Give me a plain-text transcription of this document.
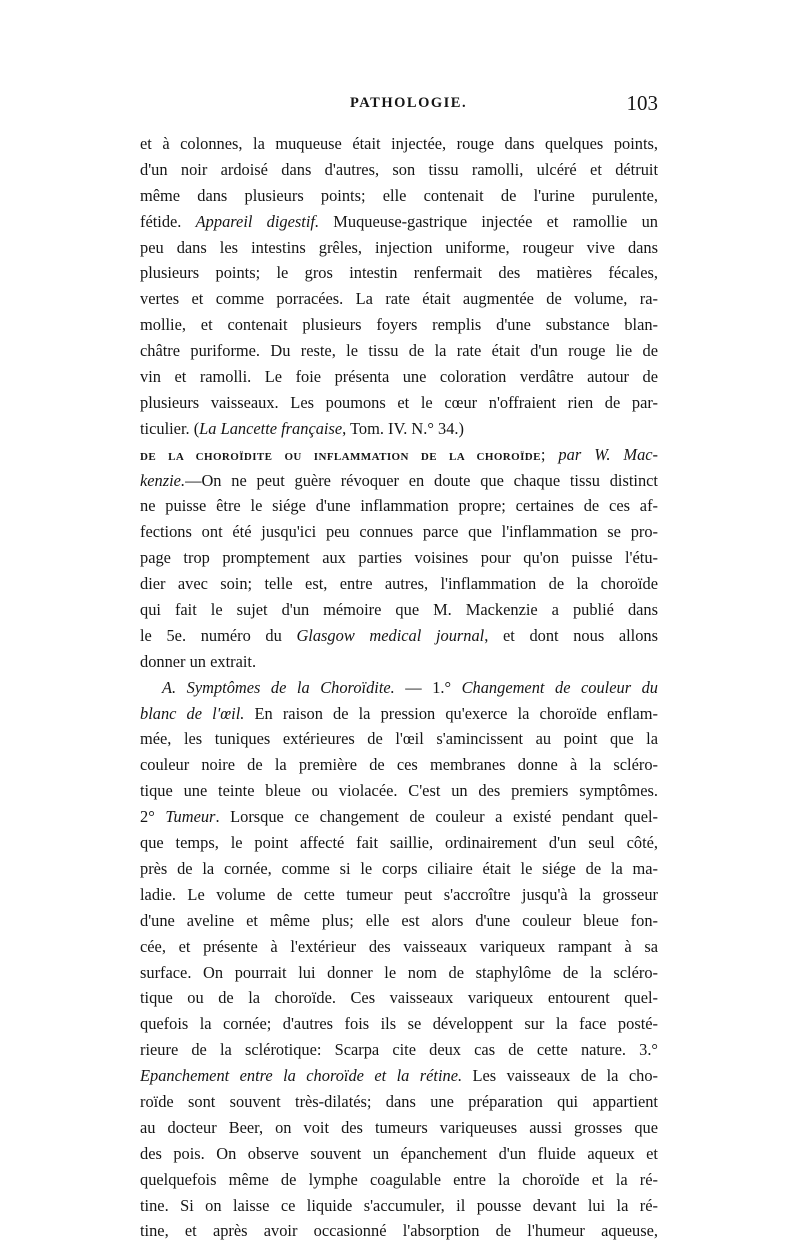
PATHOLOGIE.	103
et à colonnes, la muqueuse était injectée, rouge dans quelques points,
d'un noir ardoisé dans d'autres, son tissu ramolli, ulcéré et détruit
même dans plusieurs points; elle contenait de l'urine purulente,
fétide. Appareil digestif. Muqueuse-gastrique injectée et ramollie un
peu dans les intestins grêles, injection uniforme, rougeur vive dans
plusieurs points; le gros intestin renfermait des matières fécales,
vertes et comme porracées. La rate était augmentée de volume, ra-
mollie, et contenait plusieurs foyers remplis d'une substance blan-
châtre puriforme. Du reste, le tissu de la rate était d'un rouge lie de
vin et ramolli. Le foie présenta une coloration verdâtre autour de
plusieurs vaisseaux. Les poumons et le cœur n'offraient rien de par-
ticulier. (La Lancette française, Tom. IV. N.° 34.)
DE LA CHOROÏDITE OU INFLAMMATION DE LA CHOROÏDE; par W. Mac-
kenzie.—On ne peut guère révoquer en doute que chaque tissu distinct
ne puisse être le siége d'une inflammation propre; certaines de ces af-
fections ont été jusqu'ici peu connues parce que l'inflammation se pro-
page trop promptement aux parties voisines pour qu'on puisse l'étu-
dier avec soin; telle est, entre autres, l'inflammation de la choroïde
qui fait le sujet d'un mémoire que M. Mackenzie a publié dans
le 5e. numéro du Glasgow medical journal, et dont nous allons
donner un extrait.
A. Symptômes de la Choroïdite. — 1.° Changement de couleur du
blanc de l'œil. En raison de la pression qu'exerce la choroïde enflam-
mée, les tuniques extérieures de l'œil s'amincissent au point que la
couleur noire de la première de ces membranes donne à la scléro-
tique une teinte bleue ou violacée. C'est un des premiers symptômes.
2° Tumeur. Lorsque ce changement de couleur a existé pendant quel-
que temps, le point affecté fait saillie, ordinairement d'un seul côté,
près de la cornée, comme si le corps ciliaire était le siége de la ma-
ladie. Le volume de cette tumeur peut s'accroître jusqu'à la grosseur
d'une aveline et même plus; elle est alors d'une couleur bleue fon-
cée, et présente à l'extérieur des vaisseaux variqueux rampant à sa
surface. On pourrait lui donner le nom de staphylôme de la scléro-
tique ou de la choroïde. Ces vaisseaux variqueux entourent quel-
quefois la cornée; d'autres fois ils se développent sur la face posté-
rieure de la sclérotique: Scarpa cite deux cas de cette nature. 3.°
Epanchement entre la choroïde et la rétine. Les vaisseaux de la cho-
roïde sont souvent très-dilatés; dans une préparation qui appartient
au docteur Beer, on voit des tumeurs variqueuses aussi grosses que
des pois. On observe souvent un épanchement d'un fluide aqueux et
quelquefois même de lymphe coagulable entre la choroïde et la ré-
tine. Si on laisse ce liquide s'accumuler, il pousse devant lui la ré-
tine, et après avoir occasionné l'absorption de l'humeur aqueuse,
